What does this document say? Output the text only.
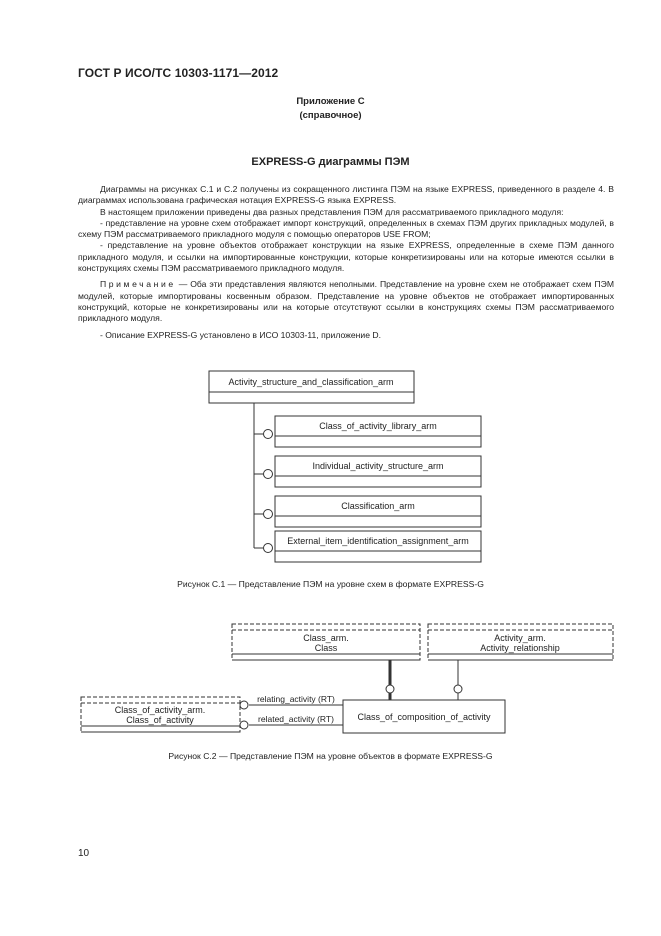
ГОСТ Р ИСО/ТС 10303-1171—2012
Приложение С
(справочное)
EXPRESS-G диаграммы ПЭМ

Диаграммы на рисунках С.1 и С.2 получены из сокращенного листинга ПЭМ на языке EXPRESS, приведенного в разделе 4. В диаграммах использована графическая нотация EXPRESS-G языка EXPRESS.

В настоящем приложении приведены два разных представления ПЭМ для рассматриваемого прикладного модуля:

- представление на уровне схем отображает импорт конструкций, определенных в схемах ПЭМ других прикладных модулей, в схему ПЭМ рассматриваемого прикладного модуля с помощью операторов USE FROM;

- представление на уровне объектов отображает конструкции на языке EXPRESS, определенные в схеме ПЭМ данного прикладного модуля, и ссылки на импортированные конструкции, которые конкретизированы или на которые имеются ссылки в конструкциях схемы ПЭМ рассматриваемого прикладного модуля.

Примечание — Оба эти представления являются неполными. Представление на уровне схем не отображает схем ПЭМ модулей, которые импортированы косвенным образом. Представление на уровне объектов не отображает импортированных конструкций, которые не конкретизированы или на которые отсутствуют ссылки в конструкциях схемы ПЭМ рассматриваемого прикладного модуля.

- Описание EXPRESS-G установлено в ИСО 10303-11, приложение D.

Activity_structure_and_classification_arm
Class_of_activity_library_arm
Individual_activity_structure_arm
Classification_arm
External_item_identification_assignment_arm
Рисунок С.1 — Представление ПЭМ на уровне схем в формате EXPRESS-G
Class_arm.
Class
Activity_arm.
Activity_relationship
Class_of_activity_arm.
Class_of_activity	Class_of_composition_of_activity
relating_activity (RT)
related_activity (RT)
Рисунок С.2 — Представление ПЭМ на уровне объектов в формате EXPRESS-G
10
